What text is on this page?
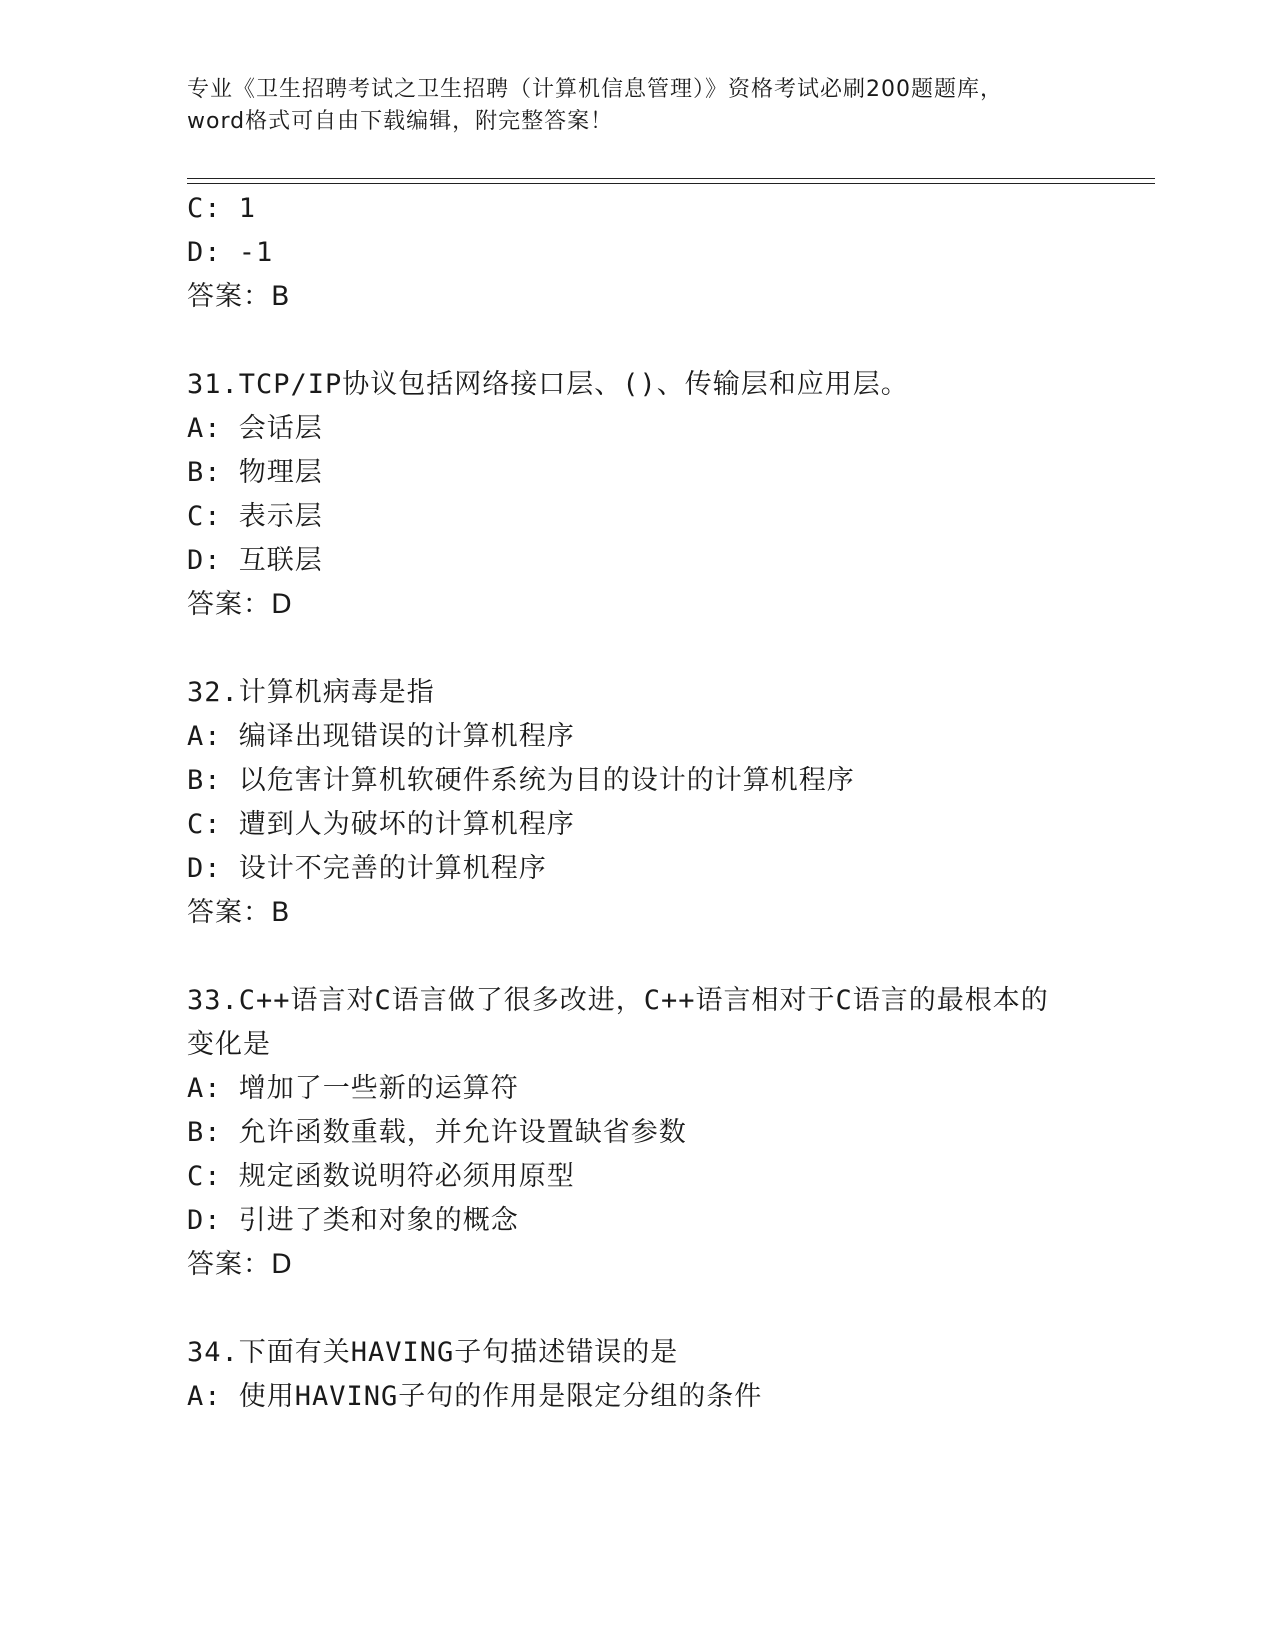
专业《卫生招聘考试之卫生招聘（计算机信息管理）》资格考试必刷200题题库，
word格式可自由下载编辑，附完整答案！
C: 1
D: -1
答案：B
31.TCP/IP协议包括网络接口层、()、传输层和应用层。
A: 会话层
B: 物理层
C: 表示层
D: 互联层
答案：D
32.计算机病毒是指
A: 编译出现错误的计算机程序
B: 以危害计算机软硬件系统为目的设计的计算机程序
C: 遭到人为破坏的计算机程序
D: 设计不完善的计算机程序
答案：B
33.C++语言对C语言做了很多改进，C++语言相对于C语言的最根本的
变化是
A: 增加了一些新的运算符
B: 允许函数重载，并允许设置缺省参数
C: 规定函数说明符必须用原型
D: 引进了类和对象的概念
答案：D
34.下面有关HAVING子句描述错误的是
A: 使用HAVING子句的作用是限定分组的条件
